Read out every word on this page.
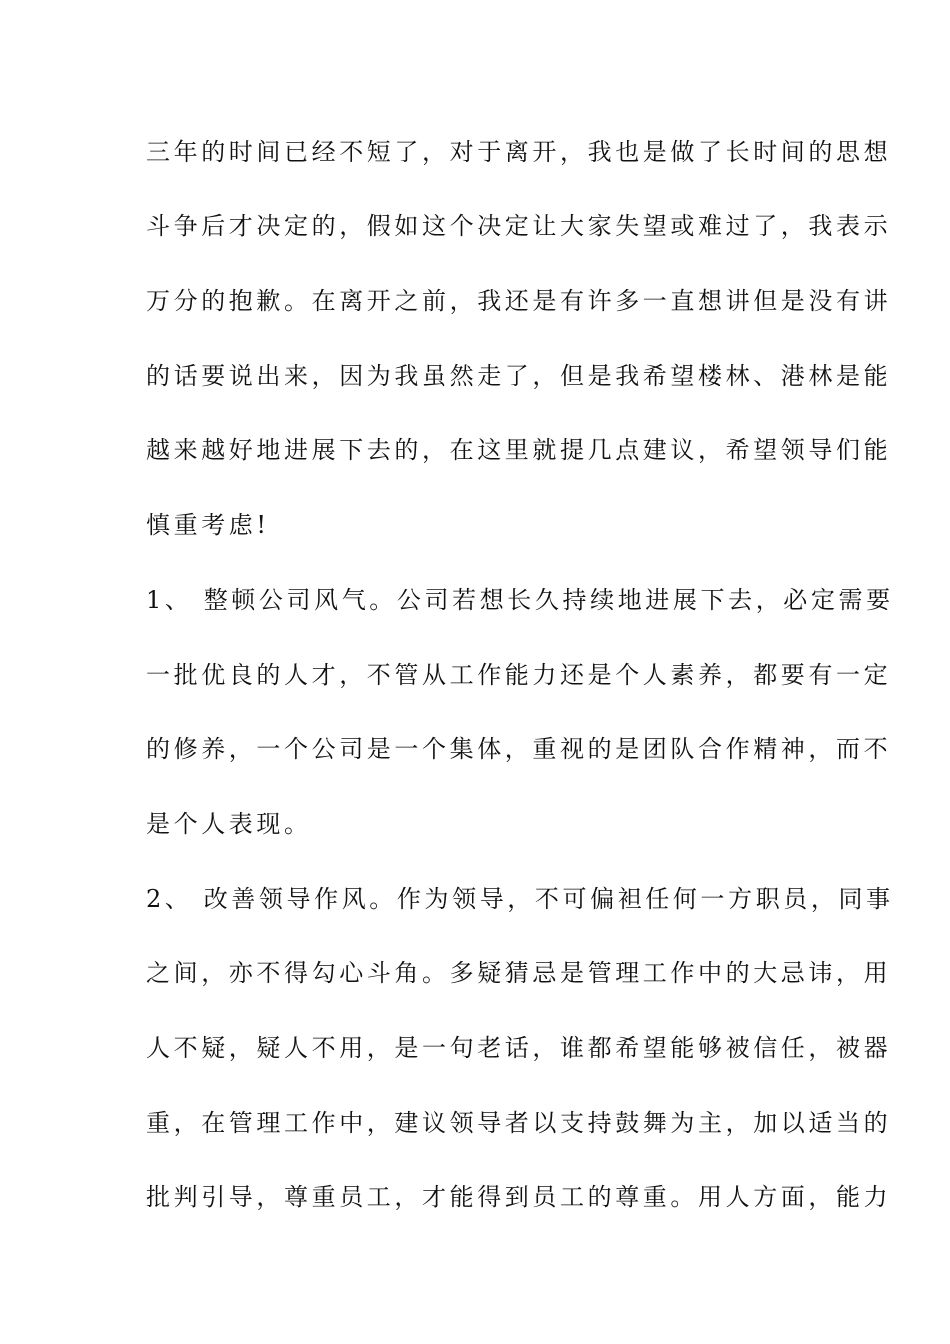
三年的时间已经不短了，对于离开，我也是做了长时间的思想
斗争后才决定的，假如这个决定让大家失望或难过了，我表示
万分的抱歉。在离开之前，我还是有许多一直想讲但是没有讲
的话要说出来，因为我虽然走了，但是我希望楼林、港林是能
越来越好地进展下去的，在这里就提几点建议，希望领导们能
慎重考虑!
1、 整顿公司风气。公司若想长久持续地进展下去，必定需要
一批优良的人才，不管从工作能力还是个人素养，都要有一定
的修养，一个公司是一个集体，重视的是团队合作精神，而不
是个人表现。
2、 改善领导作风。作为领导，不可偏袒任何一方职员，同事
之间，亦不得勾心斗角。多疑猜忌是管理工作中的大忌讳，用
人不疑，疑人不用，是一句老话，谁都希望能够被信任，被器
重，在管理工作中，建议领导者以支持鼓舞为主，加以适当的
批判引导，尊重员工，才能得到员工的尊重。用人方面，能力
